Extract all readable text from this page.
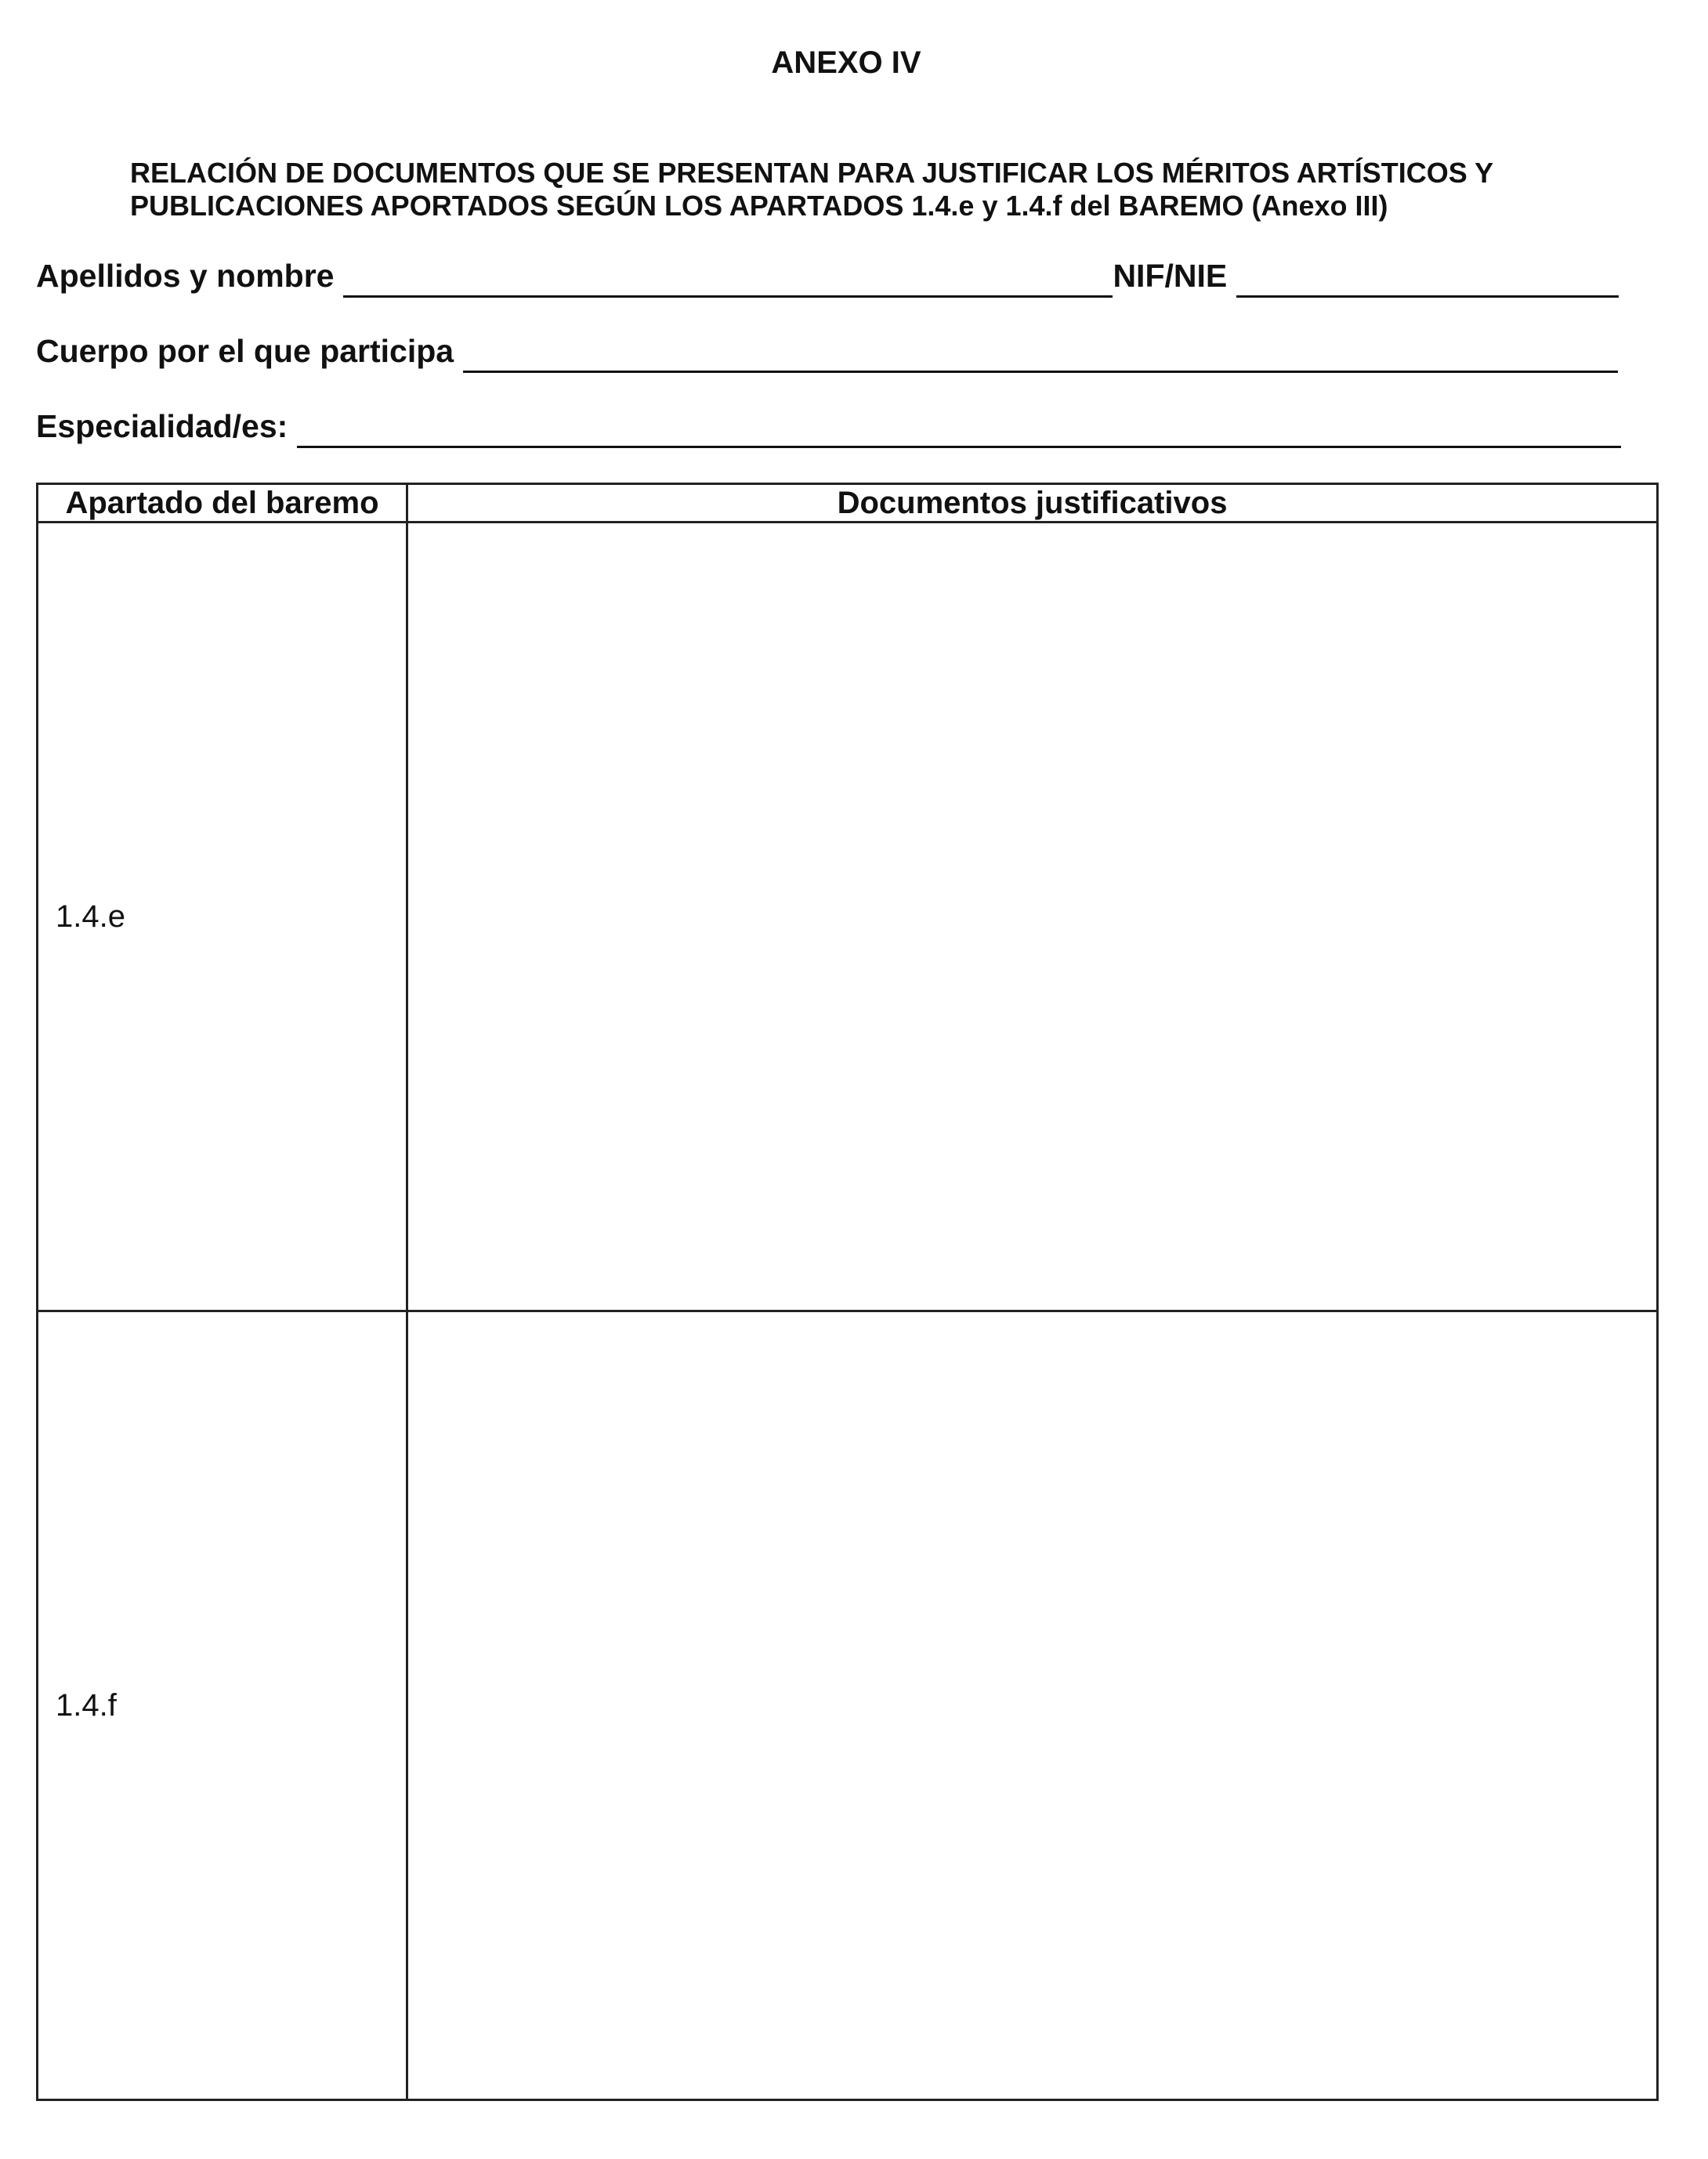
ANEXO IV
RELACIÓN DE DOCUMENTOS QUE SE PRESENTAN PARA JUSTIFICAR LOS MÉRITOS ARTÍSTICOS Y
PUBLICACIONES APORTADOS SEGÚN LOS APARTADOS 1.4.e y 1.4.f del BAREMO (Anexo III)
Apellidos y nombre	NIF/NIE
Cuerpo por el que participa
Especialidad/es:
Apartado del baremo	Documentos justificativos
1.4.e	
1.4.f	
